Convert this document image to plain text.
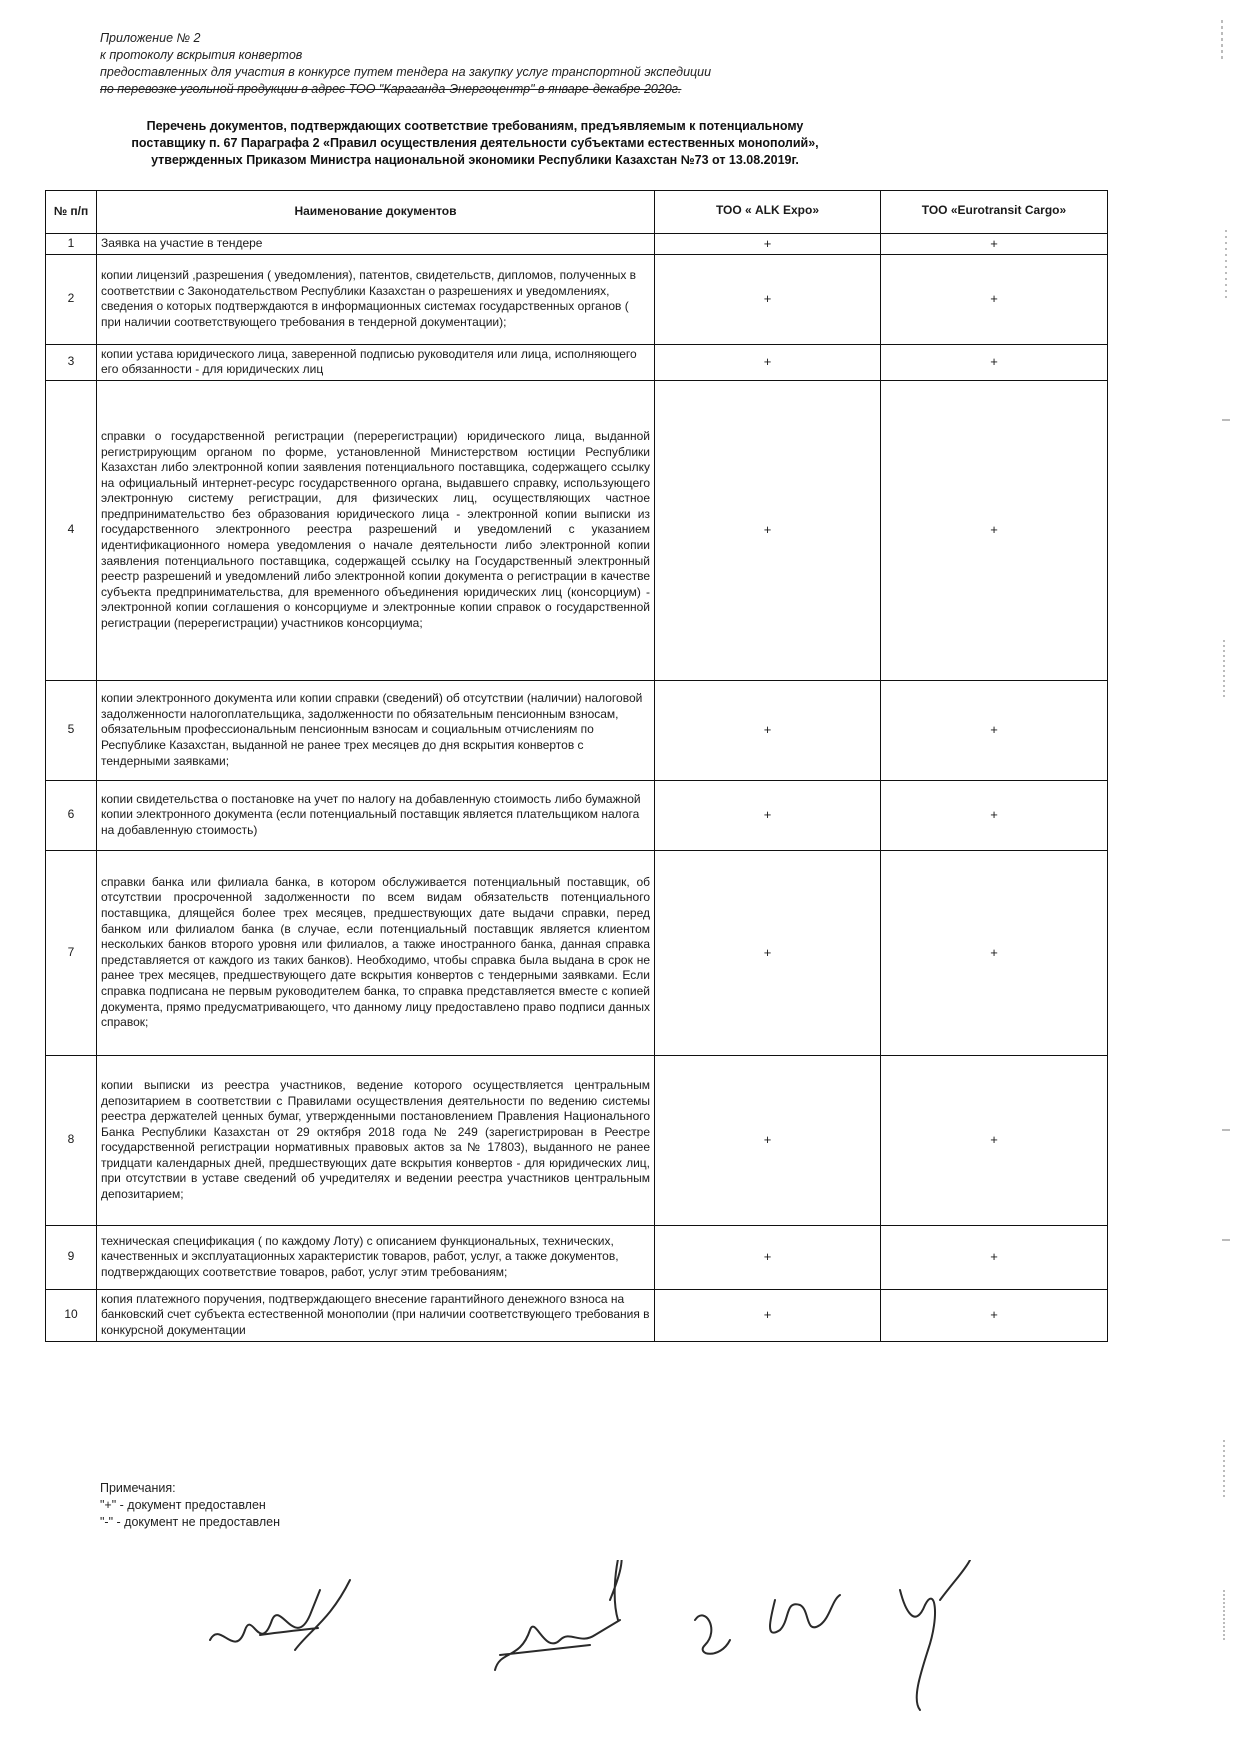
Приложение № 2
к протоколу вскрытия конвертов
предоставленных для участия в конкурсе путем тендера на закупку услуг транспортной экспедиции
по перевозке угольной продукции в адрес ТОО "Караганда-Энергоцентр" в январе-декабре 2020г.
Перечень документов, подтверждающих соответствие требованиям, предъявляемым к потенциальному
поставщику п. 67 Параграфа 2 «Правил осуществления деятельности субъектами естественных монополий»,
утвержденных Приказом Министра национальной экономики Республики Казахстан №73 от 13.08.2019г.
№ п/п	Наименование документов	ТОО « ALK Expo»	ТОО «Eurotransit Cargo»
1	Заявка на участие в тендере	+	+
2	копии лицензий ,разрешения ( уведомления), патентов, свидетельств, дипломов, полученных в соответствии с Законодательством Республики Казахстан о разрешениях и уведомлениях, сведения о которых подтверждаются в информационных системах государственных органов ( при наличии соответствующего требования в тендерной документации);	+	+
3	копии устава юридического лица, заверенной подписью руководителя или лица, исполняющего его обязанности - для юридических лиц	+	+
4	справки о государственной регистрации (перерегистрации) юридического лица, выданной регистрирующим органом по форме, установленной Министерством юстиции Республики Казахстан либо электронной копии заявления потенциального поставщика, содержащего ссылку на официальный интернет-ресурс государственного органа, выдавшего справку, использующего электронную систему регистрации, для физических лиц, осуществляющих частное предпринимательство без образования юридического лица - электронной копии выписки из государственного электронного реестра разрешений и уведомлений с указанием идентификационного номера уведомления о начале деятельности либо электронной копии заявления потенциального поставщика, содержащей ссылку на Государственный электронный реестр разрешений и уведомлений либо электронной копии документа о регистрации в качестве субъекта предпринимательства, для временного объединения юридических лиц (консорциум) - электронной копии соглашения о консорциуме и электронные копии справок о государственной регистрации (перерегистрации) участников консорциума;	+	+
5	копии электронного документа или копии справки (сведений) об отсутствии (наличии) налоговой задолженности налогоплательщика, задолженности по обязательным пенсионным взносам, обязательным профессиональным пенсионным взносам и социальным отчислениям по Республике Казахстан, выданной не ранее трех месяцев до дня вскрытия конвертов с тендерными заявками;	+	+
6	копии свидетельства о постановке на учет по налогу на добавленную стоимость либо бумажной копии электронного документа (если потенциальный поставщик является плательщиком налога на добавленную стоимость)	+	+
7	справки банка или филиала банка, в котором обслуживается потенциальный поставщик, об отсутствии просроченной задолженности по всем видам обязательств потенциального поставщика, длящейся более трех месяцев, предшествующих дате выдачи справки, перед банком или филиалом банка (в случае, если потенциальный поставщик является клиентом нескольких банков второго уровня или филиалов, а также иностранного банка, данная справка представляется от каждого из таких банков). Необходимо, чтобы справка была выдана в срок не ранее трех месяцев, предшествующего дате вскрытия конвертов с тендерными заявками. Если справка подписана не первым руководителем банка, то справка представляется вместе с копией документа, прямо предусматривающего, что данному лицу предоставлено право подписи данных справок;	+	+
8	копии выписки из реестра участников, ведение которого осуществляется центральным депозитарием в соответствии с Правилами осуществления деятельности по ведению системы реестра держателей ценных бумаг, утвержденными постановлением Правления Национального Банка Республики Казахстан от 29 октября 2018 года № 249 (зарегистрирован в Реестре государственной регистрации нормативных правовых актов за № 17803), выданного не ранее тридцати календарных дней, предшествующих дате вскрытия конвертов - для юридических лиц, при отсутствии в уставе сведений об учредителях и ведении реестра участников центральным депозитарием;	+	+
9	техническая спецификация ( по каждому Лоту) с описанием функциональных, технических, качественных и эксплуатационных характеристик товаров, работ, услуг, а также документов, подтверждающих соответствие товаров, работ, услуг этим требованиям;	+	+
10	копия платежного поручения, подтверждающего внесение гарантийного денежного взноса на банковский счет субъекта естественной монополии (при наличии соответствующего требования в конкурсной документации	+	+
Примечания:
"+" - документ предоставлен
"-" - документ не предоставлен
